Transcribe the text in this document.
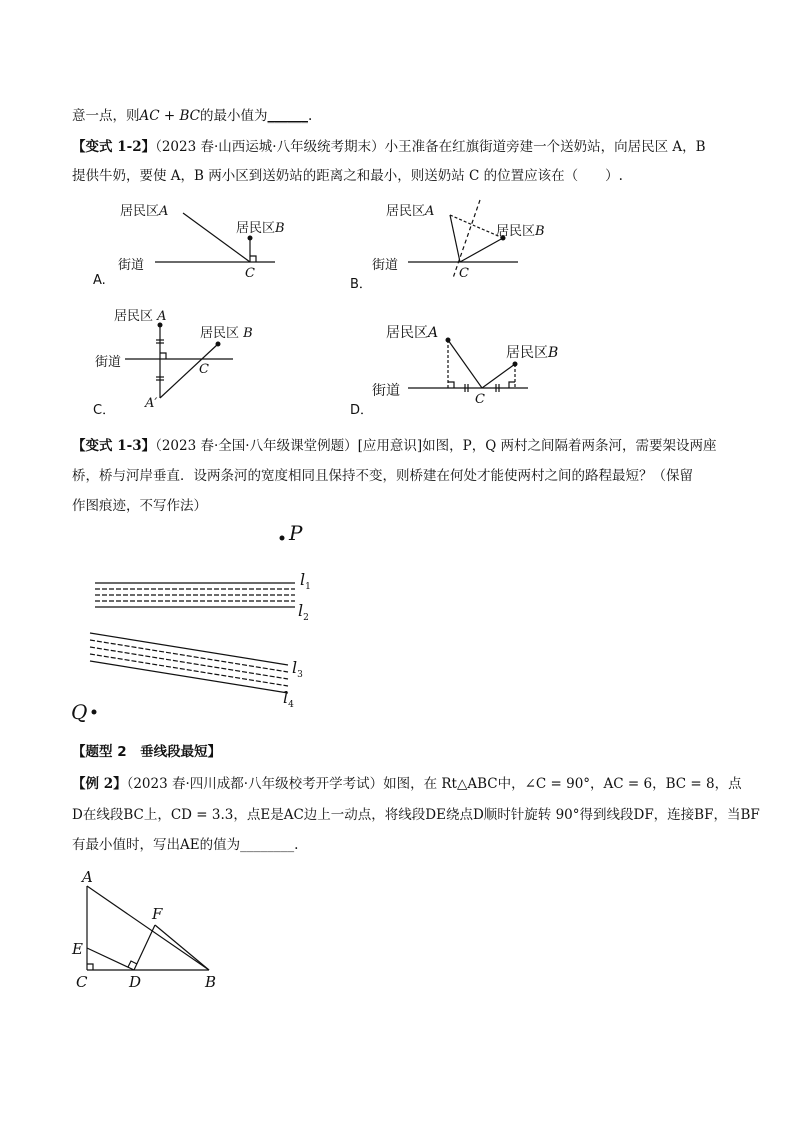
意一点，则AC + BC的最小值为______.
【变式 1-2】（2023 春·山西运城·八年级统考期末）小王准备在红旗街道旁建一个送奶站，向居民区 A，B
提供牛奶，要使 A，B 两小区到送奶站的距离之和最小，则送奶站 C 的位置应该在（　　）.
居民区A
居民区B
街道
C
A.
居民区A
居民区B
街道
C
B．
居民区 A
居民区 B
街道	C
A′
C．
居民区A
居民区B
街道
C
D．
【变式 1-3】（2023 春·全国·八年级课堂例题）[应用意识]如图，P，Q 两村之间隔着两条河，需要架设两座
桥，桥与河岸垂直．设两条河的宽度相同且保持不变，则桥建在何处才能使两村之间的路程最短？（保留
作图痕迹，不写作法）
P
Q
$l_1$
$l_2$
$l_3$
$l_4$
【题型 2　垂线段最短】
【例 2】（2023 春·四川成都·八年级校考开学考试）如图，在 Rt△ABC中，∠C = 90°，AC = 6，BC = 8，点
D在线段BC上，CD = 3.3，点E是AC边上一动点，将线段DE绕点D顺时针旋转 90°得到线段DF，连接BF，当BF
有最小值时，写出AE的值为________.
A
E
C	D	B
F
